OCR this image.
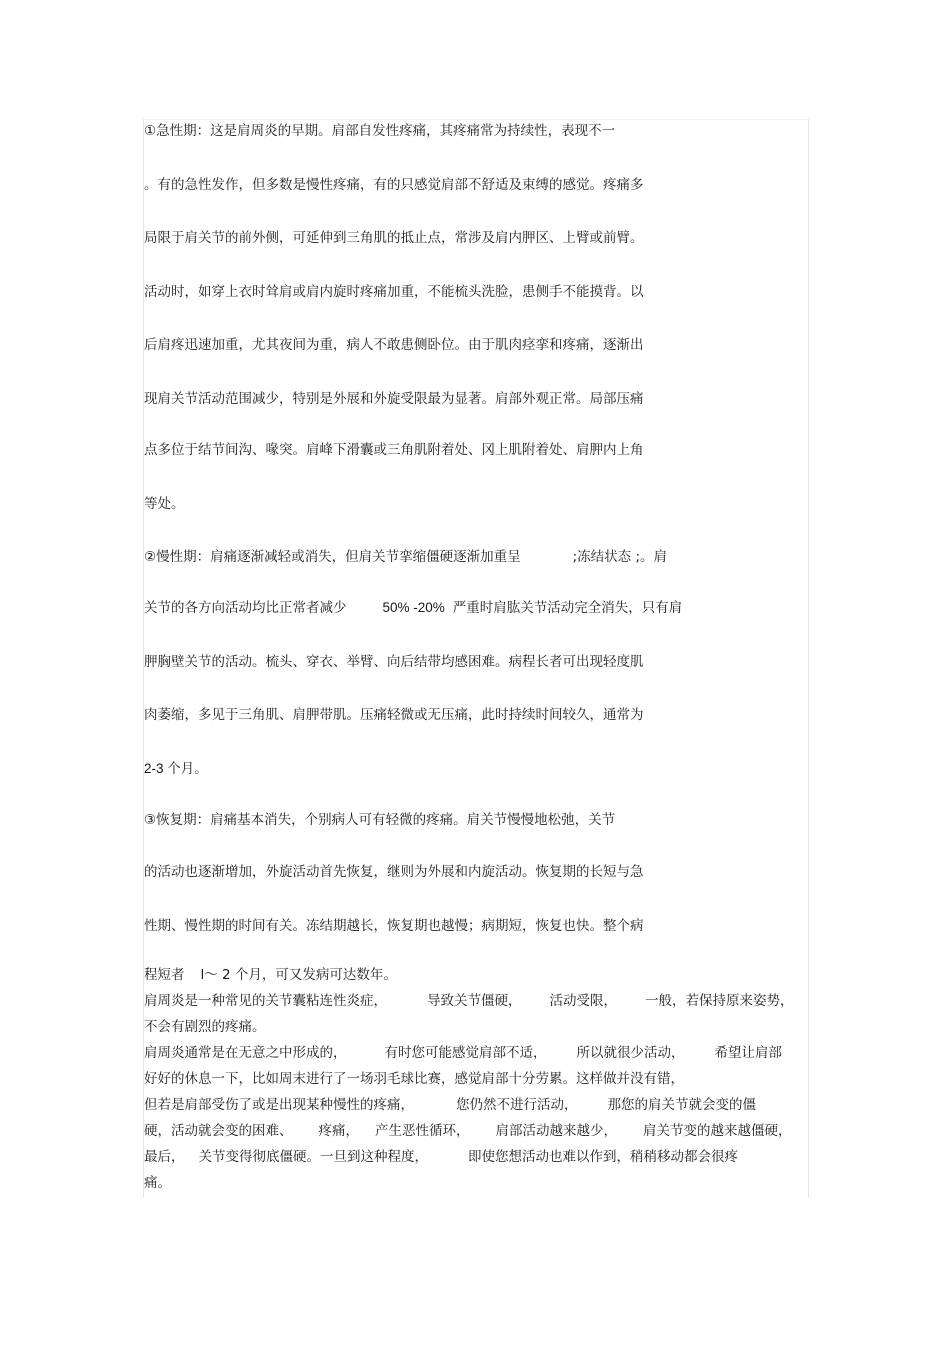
①急性期：这是肩周炎的早期。肩部自发性疼痛，其疼痛常为持续性，表现不一
。有的急性发作，但多数是慢性疼痛，有的只感觉肩部不舒适及束缚的感觉。疼痛多
局限于肩关节的前外侧，可延伸到三角肌的抵止点，常涉及肩内胛区、上臂或前臂。
活动时，如穿上衣时耸肩或肩内旋时疼痛加重，不能梳头洗脸，患侧手不能摸背。以
后肩疼迅速加重，尤其夜间为重，病人不敢患侧卧位。由于肌肉痉挛和疼痛，逐渐出
现肩关节活动范围减少，特别是外展和外旋受限最为显著。肩部外观正常。局部压痛
点多位于结节间沟、喙突。肩峰下滑囊或三角肌附着处、冈上肌附着处、肩胛内上角
等处。
②慢性期：肩痛逐渐减轻或消失，但肩关节挛缩僵硬逐渐加重呈	;冻结状态 ;。肩
关节的各方向活动均比正常者减少	50% -20% 严重时肩肱关节活动完全消失，只有肩
胛胸壁关节的活动。梳头、穿衣、举臂、向后结带均感困难。病程长者可出现轻度肌
肉萎缩，多见于三角肌、肩胛带肌。压痛轻微或无压痛，此时持续时间较久，通常为
2-3 个月。
③恢复期：肩痛基本消失，个别病人可有轻微的疼痛。肩关节慢慢地松弛，关节
的活动也逐渐增加，外旋活动首先恢复，继则为外展和内旋活动。恢复期的长短与急
性期、慢性期的时间有关。冻结期越长，恢复期也越慢；病期短，恢复也快。整个病
程短者 l～ 2 个月，可又发病可达数年。
肩周炎是一种常见的关节囊粘连性炎症，	导致关节僵硬， 活动受限， 一般，若保持原来姿势，
不会有剧烈的疼痛。
肩周炎通常是在无意之中形成的，	有时您可能感觉肩部不适， 所以就很少活动， 希望让肩部
好好的休息一下，比如周末进行了一场羽毛球比赛，感觉肩部十分劳累。这样做并没有错，
但若是肩部受伤了或是出现某种慢性的疼痛，	您仍然不进行活动， 那您的肩关节就会变的僵
硬，活动就会变的困难、 疼痛， 产生恶性循环， 肩部活动越来越少， 肩关节变的越来越僵硬，
最后， 关节变得彻底僵硬。一旦到这种程度，	即使您想活动也难以作到，稍稍移动都会很疼
痛。
